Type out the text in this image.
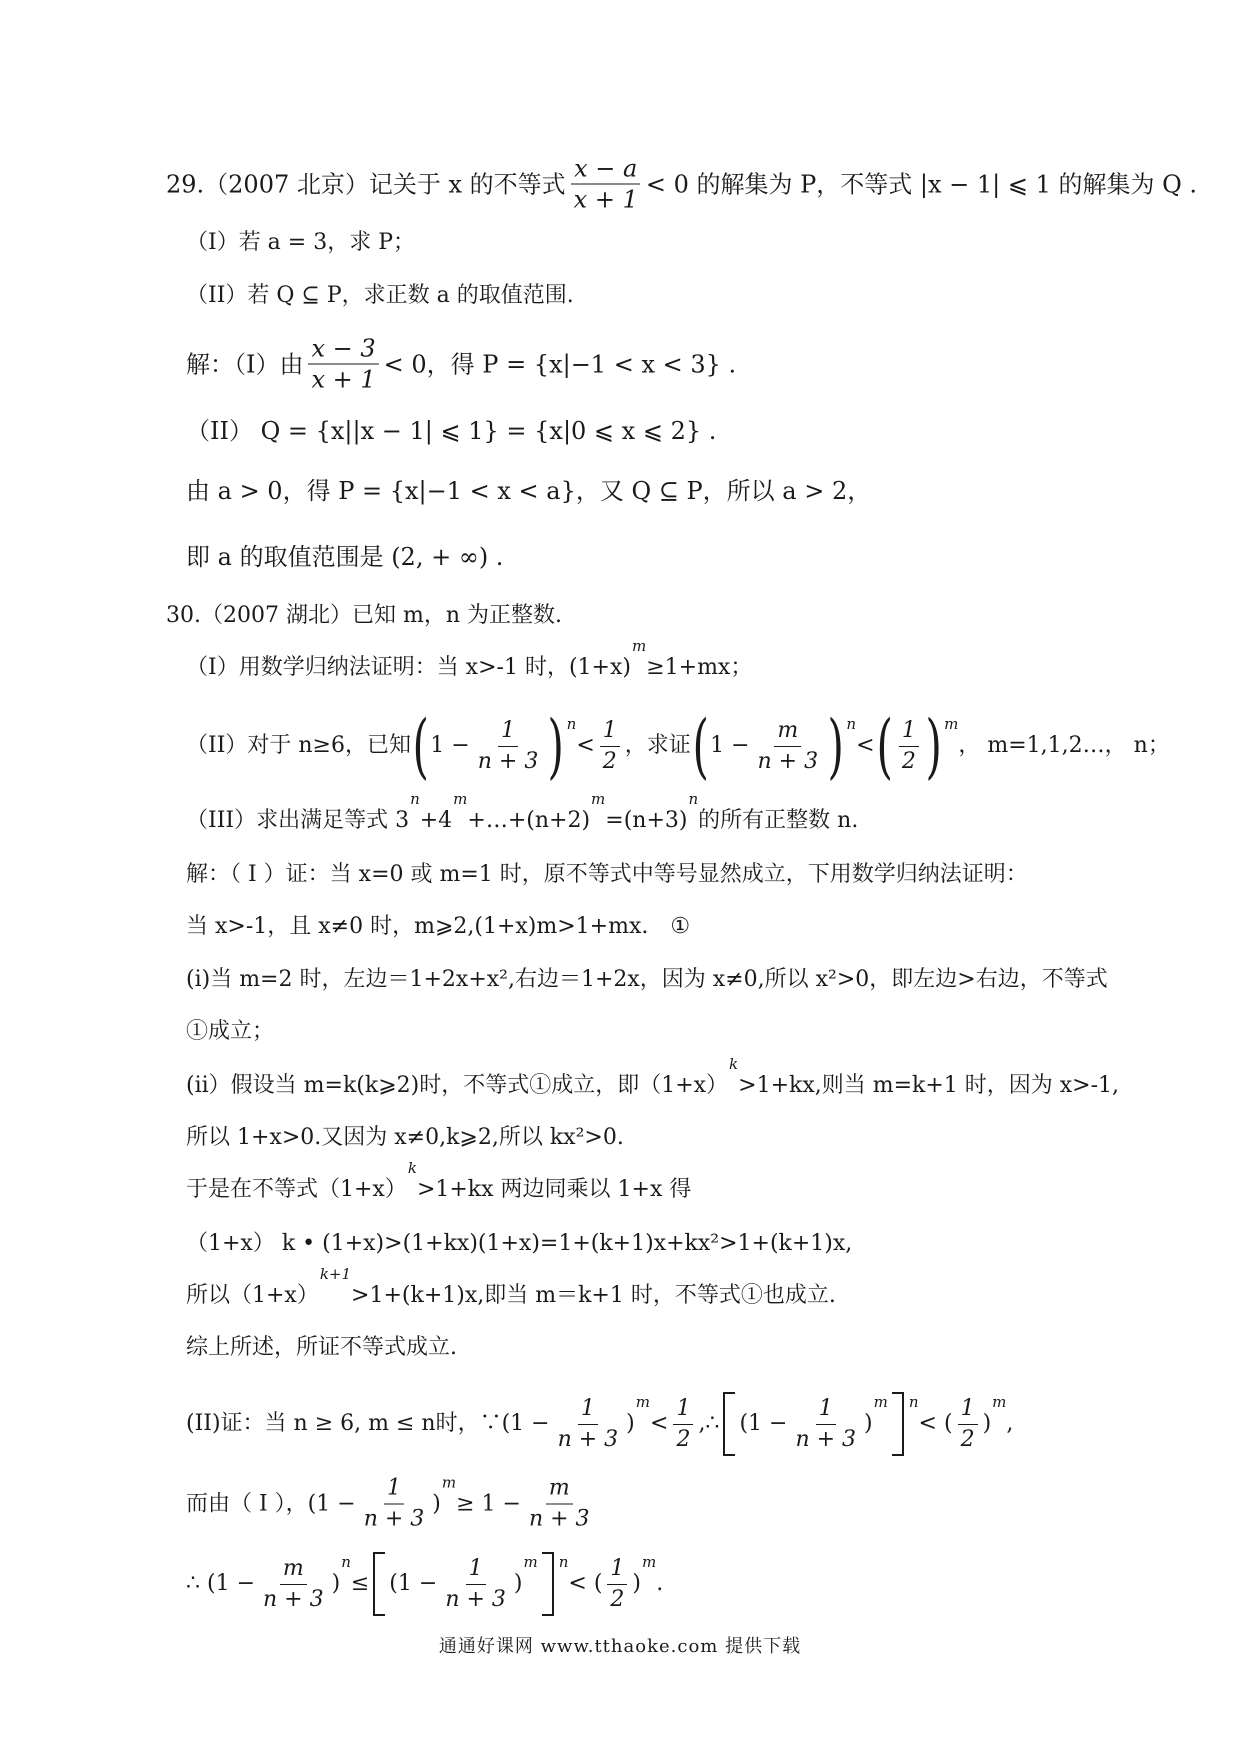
29.（2007 北京）记关于 x 的不等式 $\frac{x - a}{x + 1} < 0$ 的解集为 P，不等式 |x − 1| ⩽ 1 的解集为 Q .
（I）若 a = 3，求 P；
（II）若 Q ⊆ P，求正数 a 的取值范围.
解：（I）由 $\frac{x - 3}{x + 1} < 0$，得 P = {x|−1 < x < 3} .
（II） Q = {x||x − 1| ⩽ 1} = {x|0 ⩽ x ⩽ 2} .
由 a > 0，得 P = {x|−1 < x < a}，又 Q ⊆ P，所以 a > 2，
即 a 的取值范围是 (2, + ∞) .
30.（2007 湖北）已知 m，n 为正整数.
（I）用数学归纳法证明：当 x>-1 时，(1+x)
m
≥1+mx；
（II）对于 n≥6，已知 ( $1 - \frac{1}{n + 3}$ ) n
< $\frac{1}{2}$ ，求证 ( $1 - \frac{m}{n + 3}$ ) n
< ( $\frac{1}{2}$ ) m
， m=1,1,2…， n；
（III）求出满足等式 3
n
+4
m
+…+(n+2)
m
=(n+3)
n
的所有正整数 n.
解：（ I ）证：当 x=0 或 m=1 时，原不等式中等号显然成立，下用数学归纳法证明：
当 x>-1，且 x≠0 时，m⩾2,(1+x)m>1+mx.　①
(i)当 m=2 时，左边＝1+2x+x²,右边＝1+2x，因为 x≠0,所以 x²>0，即左边>右边，不等式
①成立；
(ii）假设当 m=k(k⩾2)时，不等式①成立，即（1+x）
k
>1+kx,则当 m=k+1 时，因为 x>-1,
所以 1+x>0.又因为 x≠0,k⩾2,所以 kx²>0.
于是在不等式（1+x）
k
>1+kx 两边同乘以 1+x 得
（1+x） k • (1+x)>(1+kx)(1+x)=1+(k+1)x+kx²>1+(k+1)x,
所以（1+x）
k+1
>1+(k+1)x,即当 m＝k+1 时，不等式①也成立.
综上所述，所证不等式成立.
(II)证：当 n ≥ 6, m ≤ n时，∵(1 − $\frac{1}{n + 3}$ )
m
< $\frac{1}{2}$ ,∴ ($1 - \frac{1}{n + 3}$ )
m n
< ( $\frac{1}{2}$ )
m
,
而由（ I ），($1 - \frac{1}{n + 3}$ )
m
≥ $1 - \frac{m}{n + 3}$
∴ ($1 - \frac{m}{n + 3}$ )
n
≤ ($1 - \frac{1}{n + 3}$ )
m n
< ( $\frac{1}{2}$ )
m
.
通通好课网 www.tthaoke.com 提供下载
